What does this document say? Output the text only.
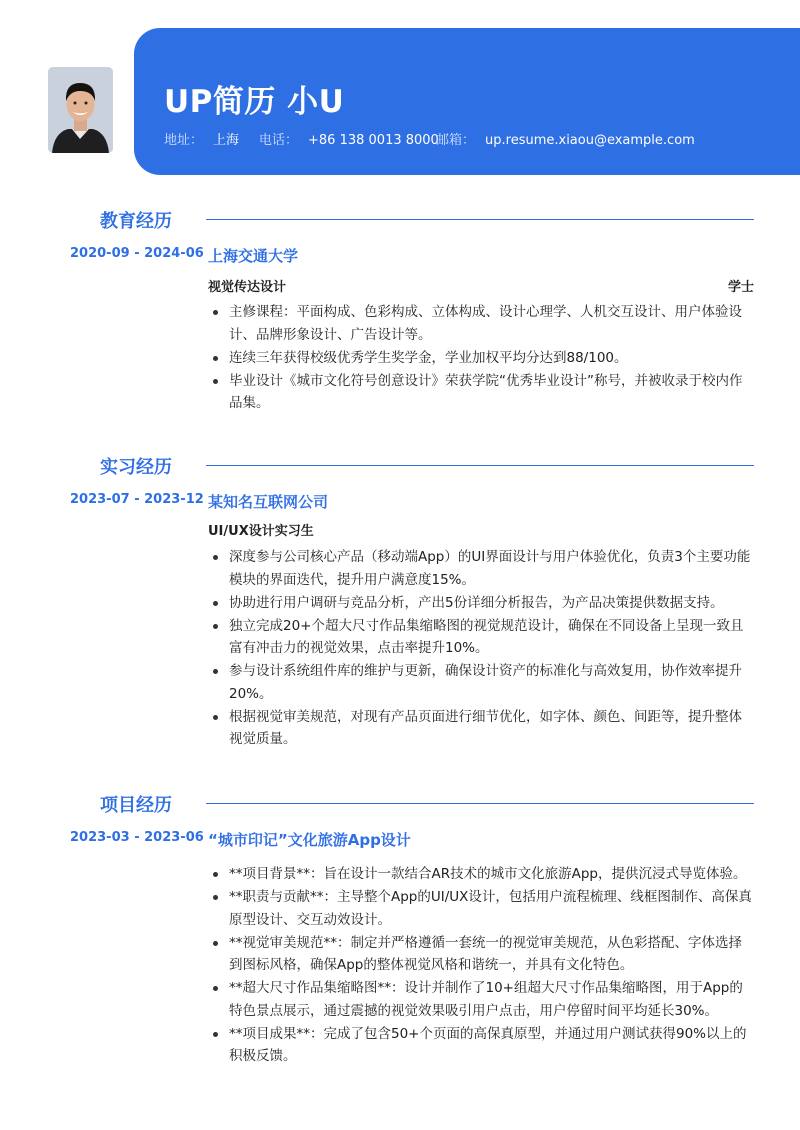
UP简历 小U
地址： 上海 电话： +86 138 0013 8000
邮箱： up.resume.xiaou@example.com
教育经历
2020-09 - 2024-06 上海交通大学
视觉传达设计	学士
主修课程：平面构成、色彩构成、立体构成、设计心理学、人机交互设计、用户体验设计、品牌形象设计、广告设计等。
连续三年获得校级优秀学生奖学金，学业加权平均分达到88/100。
毕业设计《城市文化符号创意设计》荣获学院“优秀毕业设计”称号，并被收录于校内作品集。
实习经历
2023-07 - 2023-12 某知名互联网公司
UI/UX设计实习生
深度参与公司核心产品（移动端App）的UI界面设计与用户体验优化，负责3个主要功能模块的界面迭代，提升用户满意度15%。
协助进行用户调研与竞品分析，产出5份详细分析报告，为产品决策提供数据支持。
独立完成20+个超大尺寸作品集缩略图的视觉规范设计，确保在不同设备上呈现一致且富有冲击力的视觉效果，点击率提升10%。
参与设计系统组件库的维护与更新，确保设计资产的标准化与高效复用，协作效率提升20%。
根据视觉审美规范，对现有产品页面进行细节优化，如字体、颜色、间距等，提升整体视觉质量。
项目经历
2023-03 - 2023-06 “城市印记”文化旅游App设计
**项目背景**：旨在设计一款结合AR技术的城市文化旅游App，提供沉浸式导览体验。
**职责与贡献**：主导整个App的UI/UX设计，包括用户流程梳理、线框图制作、高保真原型设计、交互动效设计。
**视觉审美规范**：制定并严格遵循一套统一的视觉审美规范，从色彩搭配、字体选择到图标风格，确保App的整体视觉风格和谐统一，并具有文化特色。
**超大尺寸作品集缩略图**：设计并制作了10+组超大尺寸作品集缩略图，用于App的特色景点展示，通过震撼的视觉效果吸引用户点击，用户停留时间平均延长30%。
**项目成果**：完成了包含50+个页面的高保真原型，并通过用户测试获得90%以上的积极反馈。
